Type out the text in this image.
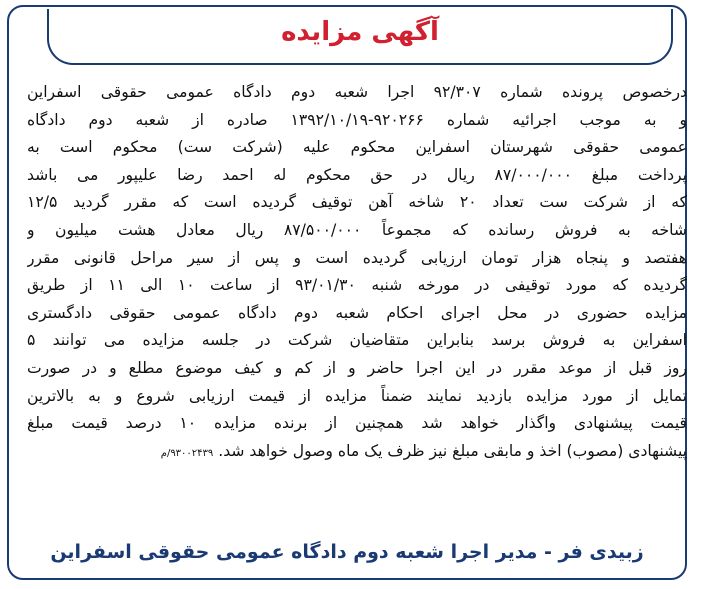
آگهی مزایده
درخصوص پرونده شماره ۹۲/۳۰۷ اجرا شعبه دوم دادگاه عمومی حقوقی اسفراین
و به موجب اجرائیه شماره ۹۲۰۲۶۶-۱۳۹۲/۱۰/۱۹ صادره از شعبه دوم دادگاه
عمومی حقوقی شهرستان اسفراین محکوم علیه (شرکت ست) محکوم است به
پرداخت مبلغ ۸۷/۰۰۰/۰۰۰ ریال در حق محکوم له احمد رضا علیپور می باشد
که از شرکت ست تعداد ۲۰ شاخه آهن توقیف گردیده است که مقرر گردید ۱۲/۵
شاخه به فروش رسانده که مجموعاً ۸۷/۵۰۰/۰۰۰ ریال معادل هشت میلیون و
هفتصد و پنجاه هزار تومان ارزیابی گردیده است و پس از سیر مراحل قانونی مقرر
گردیده که مورد توقیفی در مورخه شنبه ۹۳/۰۱/۳۰ از ساعت ۱۰ الی ۱۱ از طریق
مزایده حضوری در محل اجرای احکام شعبه دوم دادگاه عمومی حقوقی دادگستری
اسفراین به فروش برسد بنابراین متقاضیان شرکت در جلسه مزایده می توانند ۵
روز قبل از موعد مقرر در این اجرا حاضر و از کم و کیف موضوع مطلع و در صورت
تمایل از مورد مزایده بازدید نمایند ضمناً مزایده از قیمت ارزیابی شروع و به بالاترین
قیمت پیشنهادی واگذار خواهد شد همچنین از برنده مزایده ۱۰ درصد قیمت مبلغ
پیشنهادی (مصوب) اخذ و مابقی مبلغ نیز ظرف یک ماه وصول خواهد شد. ۹۳۰۰۲۴۳۹/م
زبیدی فر - مدیر اجرا شعبه دوم دادگاه عمومی حقوقی اسفراین
